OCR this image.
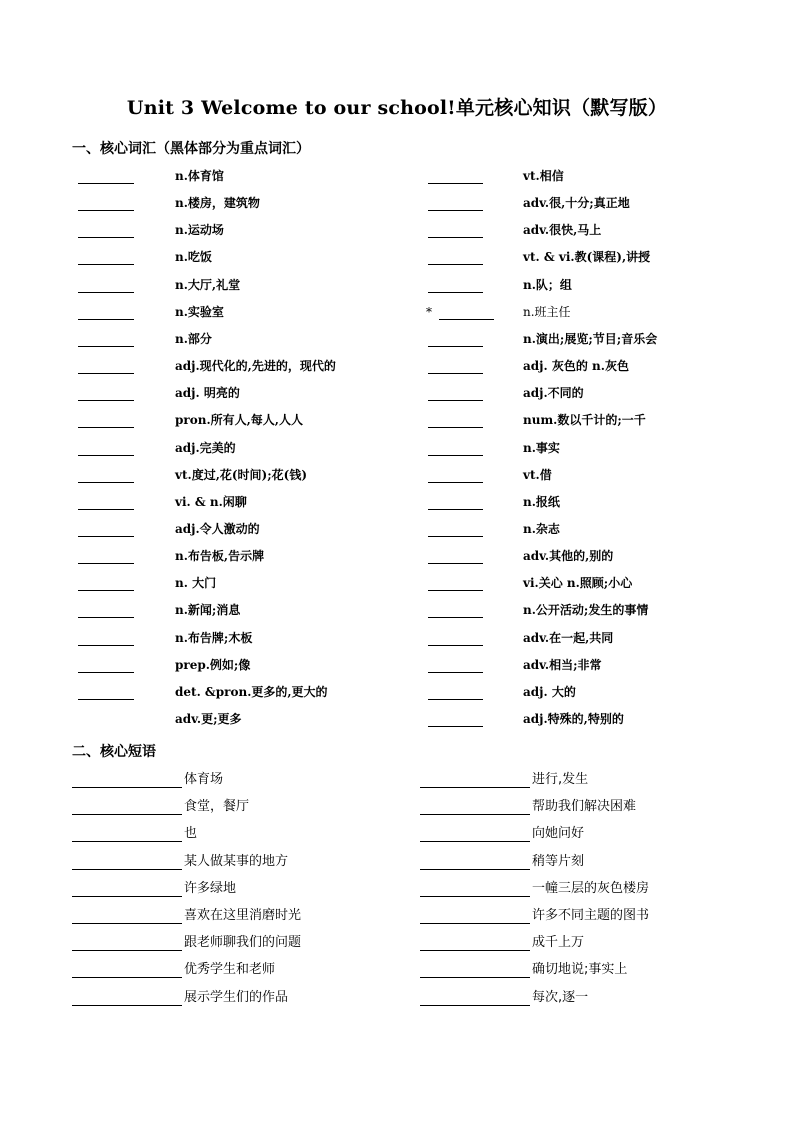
Unit 3 Welcome to our school!单元核心知识（默写版）
一、核心词汇（黑体部分为重点词汇）
n.体育馆	vt.相信
n.楼房，建筑物	adv.很,十分;真正地
n.运动场	adv.很快,马上
n.吃饭	vt. & vi.教(课程),讲授
n.大厅,礼堂	n.队；组
n.实验室	*	n.班主任
n.部分	n.演出;展览;节目;音乐会
adj.现代化的,先进的，现代的	adj. 灰色的 n.灰色
adj. 明亮的	adj.不同的
pron.所有人,每人,人人	num.数以千计的;一千
adj.完美的	n.事实
vt.度过,花(时间);花(钱)	vt.借
vi. & n.闲聊	n.报纸
adj.令人激动的	n.杂志
n.布告板,告示牌	adv.其他的,别的
n. 大门	vi.关心 n.照顾;小心
n.新闻;消息	n.公开活动;发生的事情
n.布告牌;木板	adv.在一起,共同
prep.例如;像	adv.相当;非常
det. &pron.更多的,更大的	adj. 大的
adv.更;更多	adj.特殊的,特别的
二、核心短语
体育场	进行,发生
食堂，餐厅	帮助我们解决困难
也	向她问好
某人做某事的地方	稍等片刻
许多绿地	一幢三层的灰色楼房
喜欢在这里消磨时光	许多不同主题的图书
跟老师聊我们的问题	成千上万
优秀学生和老师	确切地说;事实上
展示学生们的作品	每次,逐一
